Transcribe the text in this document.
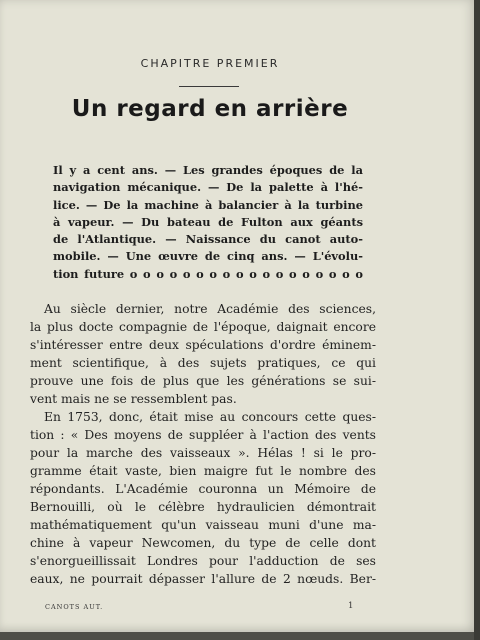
CHAPITRE PREMIER
Un regard en arrière
Il y a cent ans. — Les grandes époques de la
navigation mécanique. — De la palette à l'hé-
lice. — De la machine à balancier à la turbine
à vapeur. — Du bateau de Fulton aux géants
de l'Atlantique. — Naissance du canot auto-
mobile. — Une œuvre de cinq ans. — L'évolu-
tion future o o o o o o o o o o o o o o o o o o
Au siècle dernier, notre Académie des sciences,
la plus docte compagnie de l'époque, daignait encore
s'intéresser entre deux spéculations d'ordre éminem-
ment scientifique, à des sujets pratiques, ce qui
prouve une fois de plus que les générations se sui-
vent mais ne se ressemblent pas.
En 1753, donc, était mise au concours cette ques-
tion : « Des moyens de suppléer à l'action des vents
pour la marche des vaisseaux ». Hélas ! si le pro-
gramme était vaste, bien maigre fut le nombre des
répondants. L'Académie couronna un Mémoire de
Bernouilli, où le célèbre hydraulicien démontrait
mathématiquement qu'un vaisseau muni d'une ma-
chine à vapeur Newcomen, du type de celle dont
s'enorgueillissait Londres pour l'adduction de ses
eaux, ne pourrait dépasser l'allure de 2 nœuds. Ber-
CANOTS AUT.	1
